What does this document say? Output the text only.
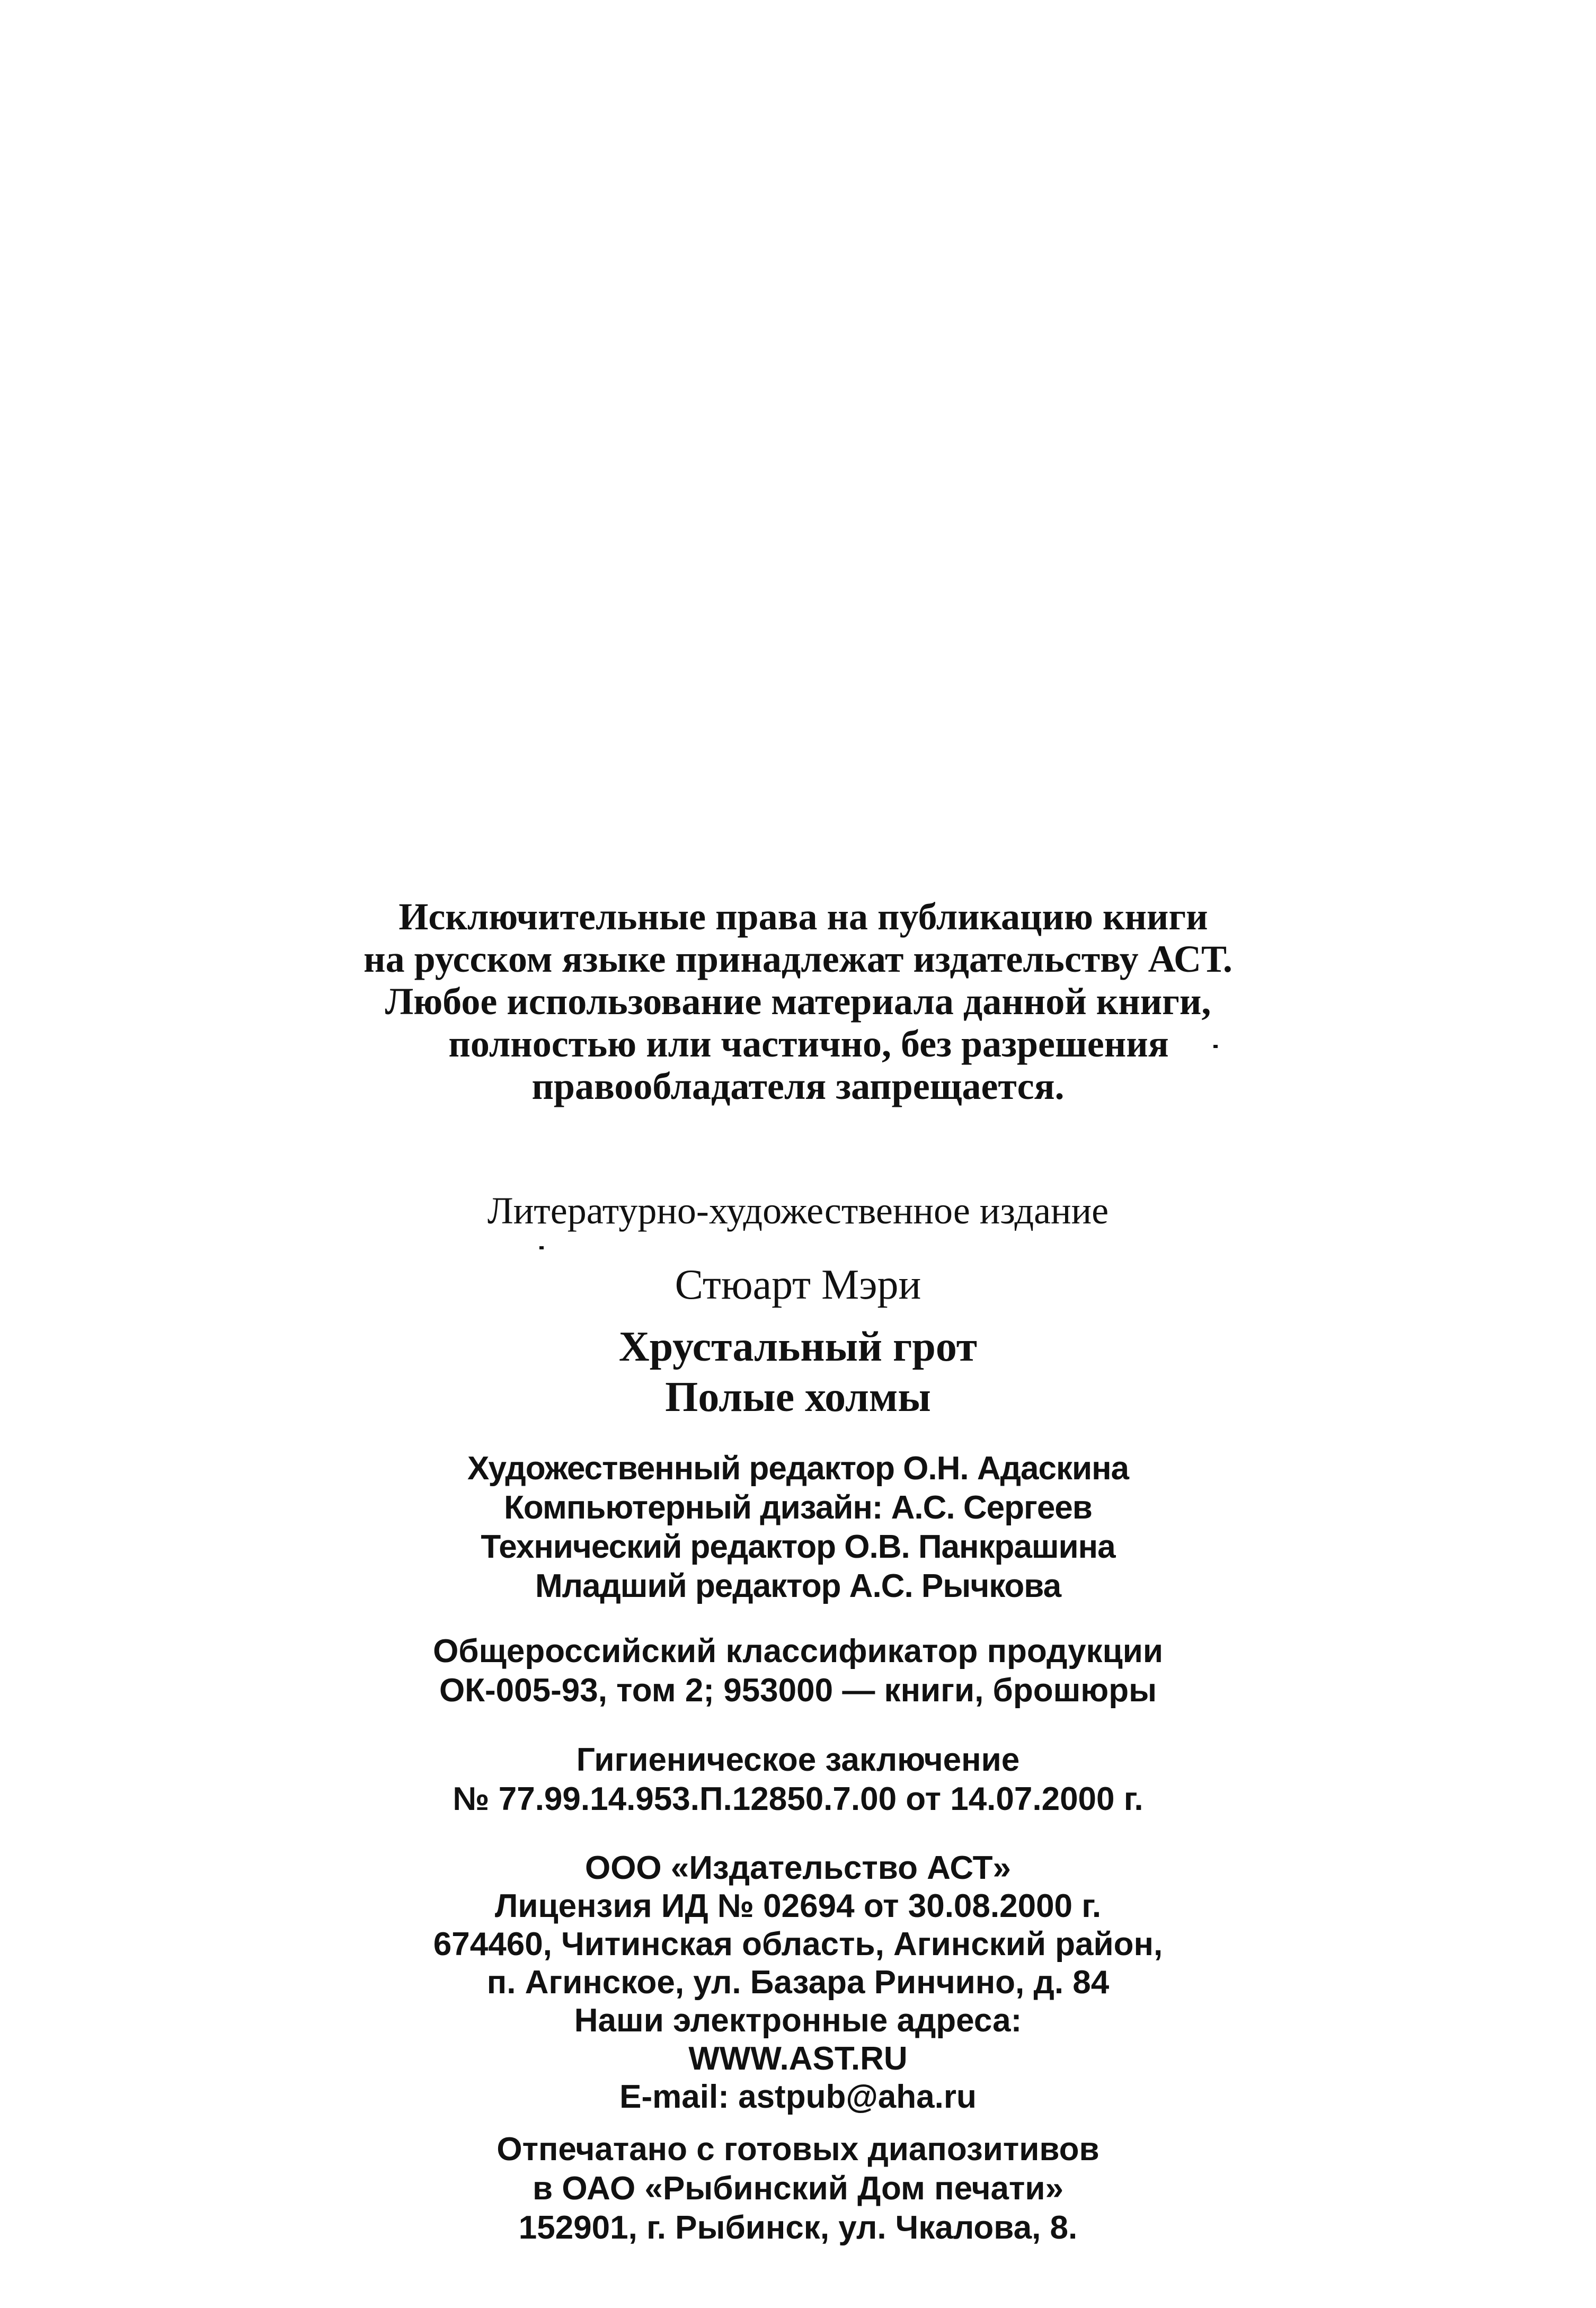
Исключительные права на публикацию книги
на русском языке принадлежат издательству АСТ.
Любое использование материала данной книги,
полностью или частично, без разрешения
правообладателя запрещается.
Литературно-художественное издание
Стюарт Мэри
Хрустальный грот
Полые холмы
Художественный редактор О.Н. Адаскина
Компьютерный дизайн: А.С. Сергеев
Технический редактор О.В. Панкрашина
Младший редактор А.С. Рычкова
Общероссийский классификатор продукции
ОК-005-93, том 2; 953000 — книги, брошюры
Гигиеническое заключение
№ 77.99.14.953.П.12850.7.00 от 14.07.2000 г.
ООО «Издательство АСТ»
Лицензия ИД № 02694 от 30.08.2000 г.
674460, Читинская область, Агинский район,
п. Агинское, ул. Базара Ринчино, д. 84
Наши электронные адреса:
WWW.AST.RU
E-mail: astpub@aha.ru
Отпечатано с готовых диапозитивов
в ОАО «Рыбинский Дом печати»
152901, г. Рыбинск, ул. Чкалова, 8.
